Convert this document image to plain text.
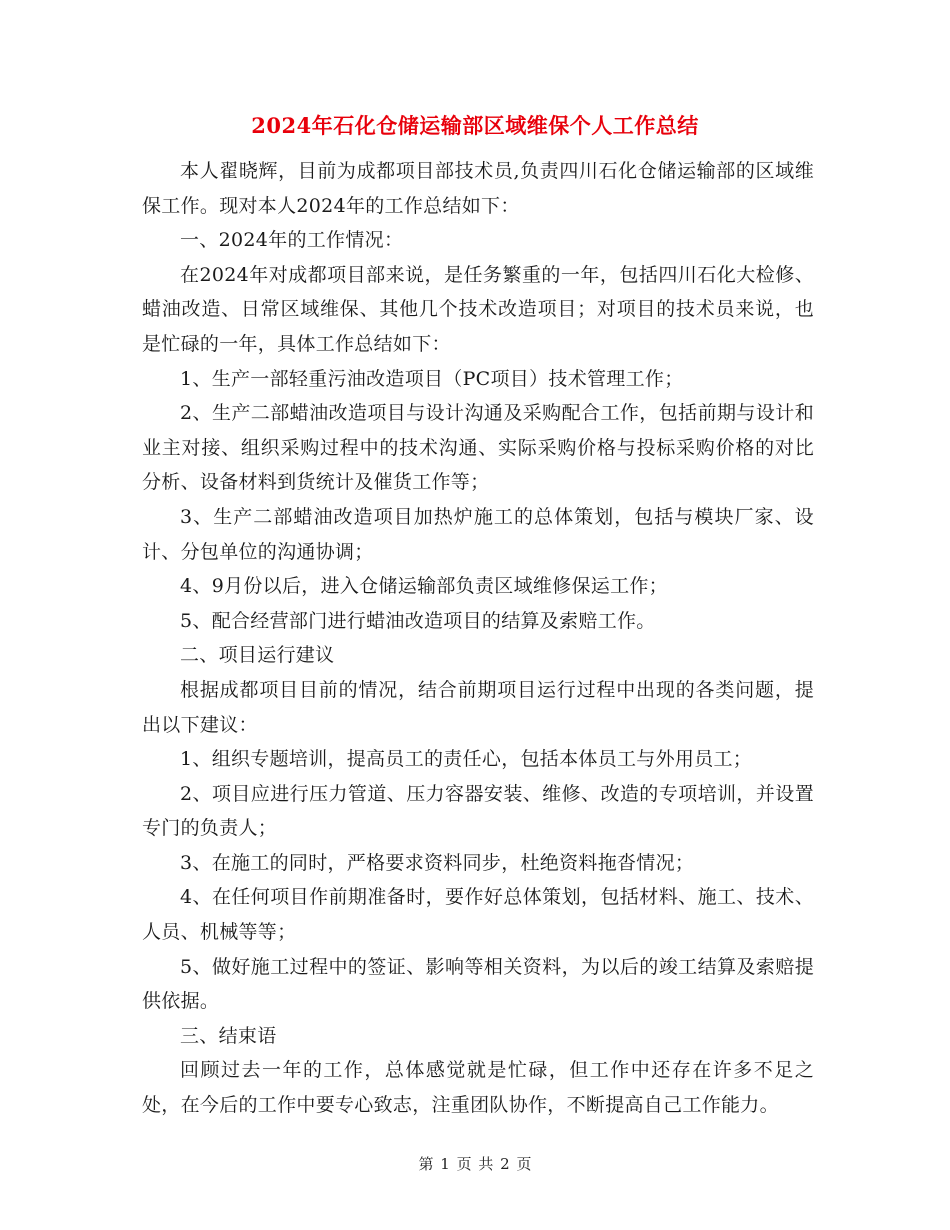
2024年石化仓储运输部区域维保个人工作总结

本人翟晓辉，目前为成都项目部技术员,负责四川石化仓储运输部的区域维保工作。现对本人2024年的工作总结如下：

一、2024年的工作情况：

在2024年对成都项目部来说，是任务繁重的一年，包括四川石化大检修、蜡油改造、日常区域维保、其他几个技术改造项目；对项目的技术员来说，也是忙碌的一年，具体工作总结如下：

1、生产一部轻重污油改造项目（PC项目）技术管理工作；

2、生产二部蜡油改造项目与设计沟通及采购配合工作，包括前期与设计和业主对接、组织采购过程中的技术沟通、实际采购价格与投标采购价格的对比分析、设备材料到货统计及催货工作等；

3、生产二部蜡油改造项目加热炉施工的总体策划，包括与模块厂家、设计、分包单位的沟通协调；

4、9月份以后，进入仓储运输部负责区域维修保运工作；

5、配合经营部门进行蜡油改造项目的结算及索赔工作。

二、项目运行建议

根据成都项目目前的情况，结合前期项目运行过程中出现的各类问题，提出以下建议：

1、组织专题培训，提高员工的责任心，包括本体员工与外用员工；

2、项目应进行压力管道、压力容器安装、维修、改造的专项培训，并设置专门的负责人；

3、在施工的同时，严格要求资料同步，杜绝资料拖沓情况；

4、在任何项目作前期准备时，要作好总体策划，包括材料、施工、技术、人员、机械等等；

5、做好施工过程中的签证、影响等相关资料，为以后的竣工结算及索赔提供依据。

三、结束语

回顾过去一年的工作，总体感觉就是忙碌，但工作中还存在许多不足之处，在今后的工作中要专心致志，注重团队协作，不断提高自己工作能力。

第 1 页 共 2 页
